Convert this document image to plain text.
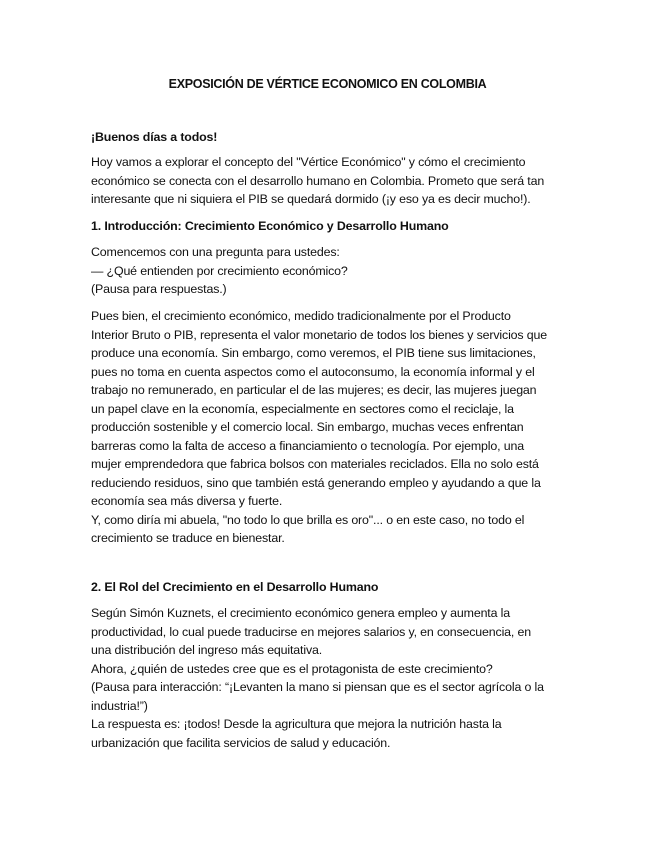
EXPOSICIÓN DE VÉRTICE ECONOMICO EN COLOMBIA
¡Buenos días a todos!
Hoy vamos a explorar el concepto del "Vértice Económico" y cómo el crecimiento
económico se conecta con el desarrollo humano en Colombia. Prometo que será tan
interesante que ni siquiera el PIB se quedará dormido (¡y eso ya es decir mucho!).
1. Introducción: Crecimiento Económico y Desarrollo Humano
Comencemos con una pregunta para ustedes:
— ¿Qué entienden por crecimiento económico?
(Pausa para respuestas.)
Pues bien, el crecimiento económico, medido tradicionalmente por el Producto
Interior Bruto o PIB, representa el valor monetario de todos los bienes y servicios que
produce una economía. Sin embargo, como veremos, el PIB tiene sus limitaciones,
pues no toma en cuenta aspectos como el autoconsumo, la economía informal y el
trabajo no remunerado, en particular el de las mujeres; es decir, las mujeres juegan
un papel clave en la economía, especialmente en sectores como el reciclaje, la
producción sostenible y el comercio local. Sin embargo, muchas veces enfrentan
barreras como la falta de acceso a financiamiento o tecnología. Por ejemplo, una
mujer emprendedora que fabrica bolsos con materiales reciclados. Ella no solo está
reduciendo residuos, sino que también está generando empleo y ayudando a que la
economía sea más diversa y fuerte.
Y, como diría mi abuela, "no todo lo que brilla es oro"... o en este caso, no todo el
crecimiento se traduce en bienestar.
2. El Rol del Crecimiento en el Desarrollo Humano
Según Simón Kuznets, el crecimiento económico genera empleo y aumenta la
productividad, lo cual puede traducirse en mejores salarios y, en consecuencia, en
una distribución del ingreso más equitativa.
Ahora, ¿quién de ustedes cree que es el protagonista de este crecimiento?
(Pausa para interacción: “¡Levanten la mano si piensan que es el sector agrícola o la
industria!”)
La respuesta es: ¡todos! Desde la agricultura que mejora la nutrición hasta la
urbanización que facilita servicios de salud y educación.
